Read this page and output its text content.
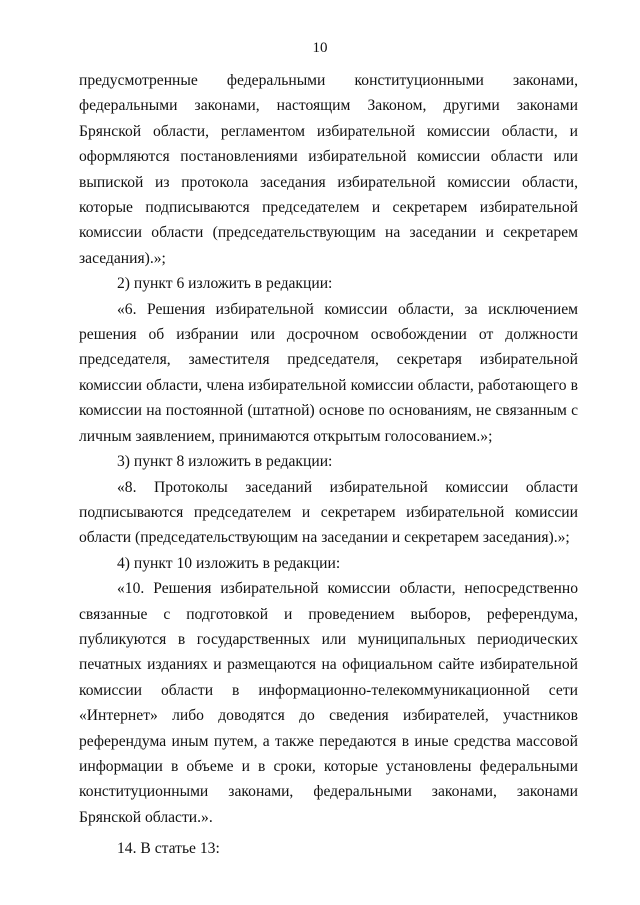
10

предусмотренные федеральными конституционными законами, федеральными законами, настоящим Законом, другими законами Брянской области, регламентом избирательной комиссии области, и оформляются постановлениями избирательной комиссии области или выпиской из протокола заседания избирательной комиссии области, которые подписываются председателем и секретарем избирательной комиссии области (председательствующим на заседании и секретарем заседания).»;

2) пункт 6 изложить в редакции:

«6. Решения избирательной комиссии области, за исключением решения об избрании или досрочном освобождении от должности председателя, заместителя председателя, секретаря избирательной комиссии области, члена избирательной комиссии области, работающего в комиссии на постоянной (штатной) основе по основаниям, не связанным с личным заявлением, принимаются открытым голосованием.»;

3) пункт 8 изложить в редакции:

«8. Протоколы заседаний избирательной комиссии области подписываются председателем и секретарем избирательной комиссии области (председательствующим на заседании и секретарем заседания).»;

4) пункт 10 изложить в редакции:

«10. Решения избирательной комиссии области, непосредственно связанные с подготовкой и проведением выборов, референдума, публикуются в государственных или муниципальных периодических печатных изданиях и размещаются на официальном сайте избирательной комиссии области в информационно-телекоммуникационной сети «Интернет» либо доводятся до сведения избирателей, участников референдума иным путем, а также передаются в иные средства массовой информации в объеме и в сроки, которые установлены федеральными конституционными законами, федеральными законами, законами Брянской области.».

14. В статье 13:
